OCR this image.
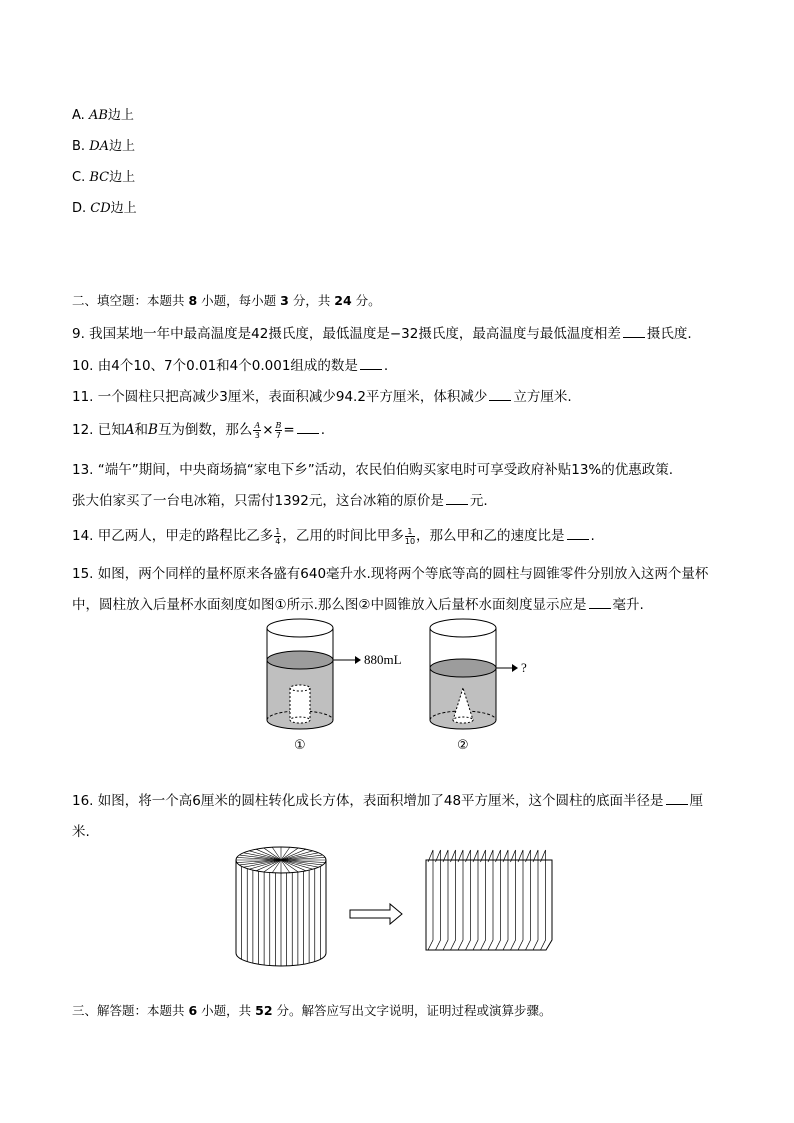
A. AB边上
B. DA边上
C. BC边上
D. CD边上
二、填空题：本题共 8 小题，每小题 3 分，共 24 分。
9. 我国某地一年中最高温度是42摄氏度，最低温度是−32摄氏度，最高温度与最低温度相差 摄氏度.
10. 由4个10、7个0.01和4个0.001组成的数是 .
11. 一个圆柱只把高减少3厘米，表面积减少94.2平方厘米，体积减少 立方厘米.
12. 已知A和B互为倒数，那么 $\frac{A}{3} \times \frac{B}{7}$ = .
13. “端午”期间，中央商场搞“家电下乡”活动，农民伯伯购买家电时可享受政府补贴13%的优惠政策.
张大伯家买了一台电冰箱，只需付1392元，这台冰箱的原价是 元.
14. 甲乙两人，甲走的路程比乙多 $\frac{1}{4}$ ，乙用的时间比甲多 $\frac{1}{10}$ ，那么甲和乙的速度比是 .
15. 如图，两个同样的量杯原来各盛有640毫升水.现将两个等底等高的圆柱与圆锥零件分别放入这两个量杯
中，圆柱放入后量杯水面刻度如图①所示.那么图②中圆锥放入后量杯水面刻度显示应是 毫升.
880mL
?
①	②
16. 如图，将一个高6厘米的圆柱转化成长方体，表面积增加了48平方厘米，这个圆柱的底面半径是 厘
米.
三、解答题：本题共 6 小题，共 52 分。解答应写出文字说明，证明过程或演算步骤。
